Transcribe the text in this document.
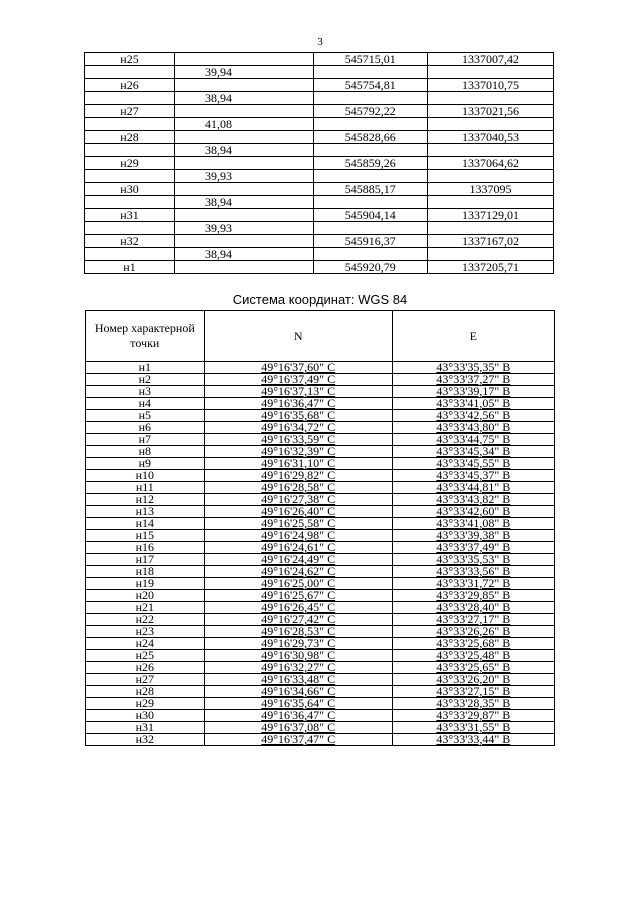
3
н25		545715,01	1337007,42
	39,94		
н26		545754,81	1337010,75
	38,94		
н27		545792,22	1337021,56
	41,08		
н28		545828,66	1337040,53
	38,94		
н29		545859,26	1337064,62
	39,93		
н30		545885,17	1337095
	38,94		
н31		545904,14	1337129,01
	39,93		
н32		545916,37	1337167,02
	38,94		
н1		545920,79	1337205,71
Система координат: WGS 84
Номер характерной точки	N	E
н1	49°16'37,60" С	43°33'35,35" В
н2	49°16'37,49" С	43°33'37,27" В
н3	49°16'37,13" С	43°33'39,17" В
н4	49°16'36,47" С	43°33'41,05" В
н5	49°16'35,68" С	43°33'42,56" В
н6	49°16'34,72" С	43°33'43,80" В
н7	49°16'33,59" С	43°33'44,75" В
н8	49°16'32,39" С	43°33'45,34" В
н9	49°16'31,10" С	43°33'45,55" В
н10	49°16'29,82" С	43°33'45,37" В
н11	49°16'28,58" С	43°33'44,81" В
н12	49°16'27,38" С	43°33'43,82" В
н13	49°16'26,40" С	43°33'42,60" В
н14	49°16'25,58" С	43°33'41,08" В
н15	49°16'24,98" С	43°33'39,38" В
н16	49°16'24,61" С	43°33'37,49" В
н17	49°16'24,49" С	43°33'35,53" В
н18	49°16'24,62" С	43°33'33,56" В
н19	49°16'25,00" С	43°33'31,72" В
н20	49°16'25,67" С	43°33'29,85" В
н21	49°16'26,45" С	43°33'28,40" В
н22	49°16'27,42" С	43°33'27,17" В
н23	49°16'28,53" С	43°33'26,26" В
н24	49°16'29,73" С	43°33'25,68" В
н25	49°16'30,98" С	43°33'25,48" В
н26	49°16'32,27" С	43°33'25,65" В
н27	49°16'33,48" С	43°33'26,20" В
н28	49°16'34,66" С	43°33'27,15" В
н29	49°16'35,64" С	43°33'28,35" В
н30	49°16'36,47" С	43°33'29,87" В
н31	49°16'37,08" С	43°33'31,55" В
н32	49°16'37,47" С	43°33'33,44" В
